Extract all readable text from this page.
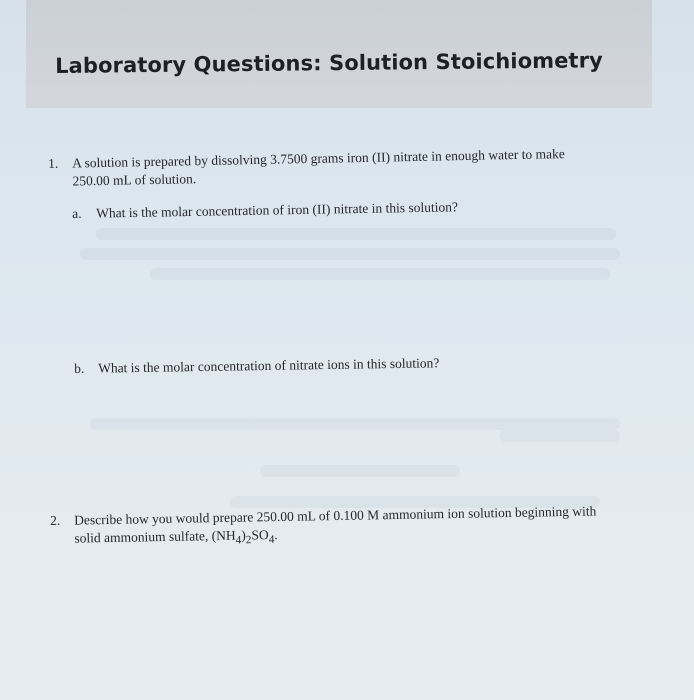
Laboratory Questions: Solution Stoichiometry
1. A solution is prepared by dissolving 3.7500 grams iron (II) nitrate in enough water to make
250.00 mL of solution.
a. What is the molar concentration of iron (II) nitrate in this solution?
b. What is the molar concentration of nitrate ions in this solution?
2. Describe how you would prepare 250.00 mL of 0.100 M ammonium ion solution beginning with
solid ammonium sulfate, $(NH_4)_2SO_4$.
